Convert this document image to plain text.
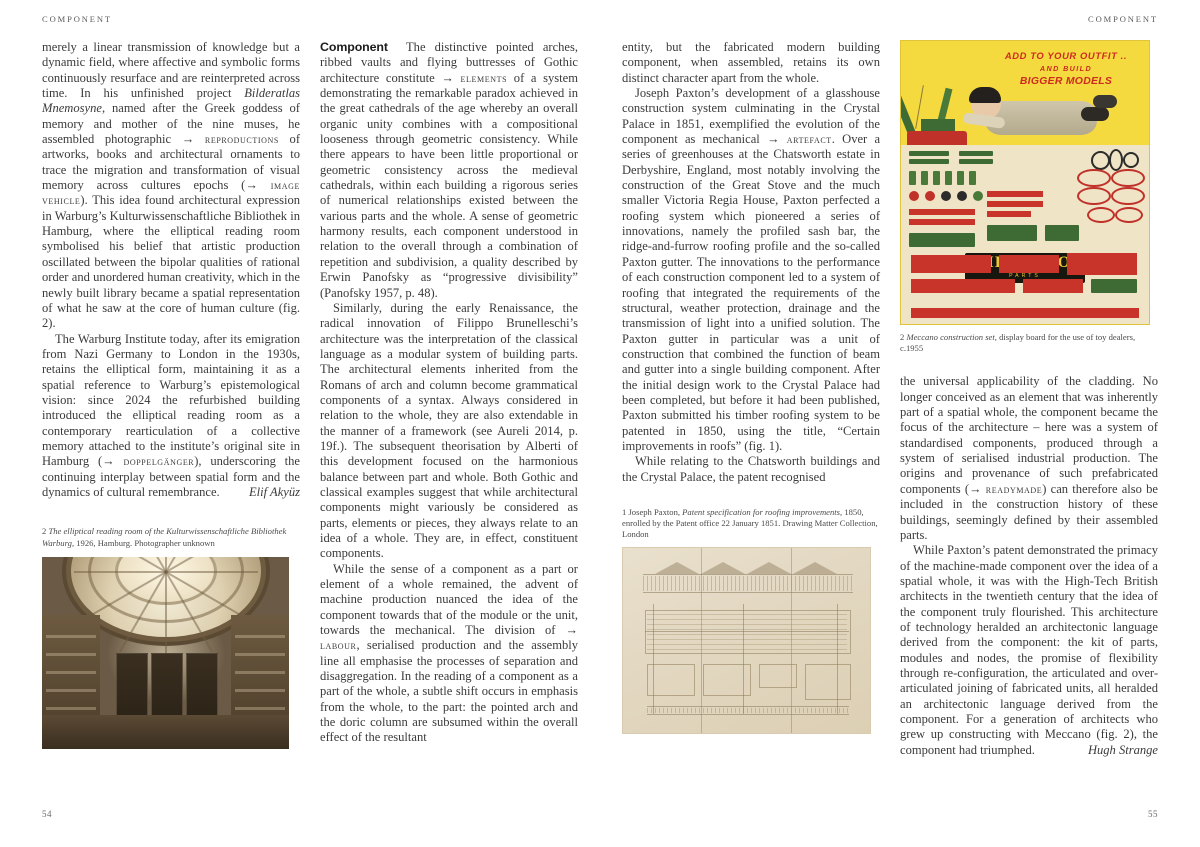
COMPONENT

merely a linear transmission of knowledge but a dynamic field, where affective and symbolic forms continuously resurface and are reinterpreted across time. In his unfinished project Bilderatlas Mnemosyne, named after the Greek goddess of memory and mother of the nine muses, he assembled photographic → reproductions of artworks, books and architectural ornaments to trace the migration and transformation of visual memory across cultures epochs (→ image vehicle). This idea found architectural expression in Warburg’s Kulturwissenschaftliche Bibliothek in Hamburg, where the elliptical reading room symbolised his belief that artistic production oscillated between the bipolar qualities of rational order and unordered human creativity, which in the newly built library became a spatial representation of what he saw at the core of human culture (fig. 2).

The Warburg Institute today, after its emigration from Nazi Germany to London in the 1930s, retains the elliptical form, maintaining it as a spatial reference to Warburg’s epistemological vision: since 2024 the refurbished building introduced the elliptical reading room as a contemporary rearticulation of a collective memory attached to the institute’s original site in Hamburg (→ doppelgänger), underscoring the continuing interplay between spatial form and the dynamics of cultural remembrance.	Elif Akyüz

2 The elliptical reading room of the Kulturwissenschaftliche Bibliothek Warburg, 1926, Hamburg. Photographer unknown

Component The distinctive pointed arches, ribbed vaults and flying buttresses of Gothic architecture constitute → elements of a system demonstrating the remarkable paradox achieved in the great cathedrals of the age whereby an overall organic unity combines with a compositional looseness through geometric consistency. While there appears to have been little proportional or geometric consistency across the medieval cathedrals, within each building a rigorous series of numerical relationships existed between the various parts and the whole. A sense of geometric harmony results, each component understood in relation to the overall through a combination of repetition and subdivision, a quality described by Erwin Panofsky as “progressive divisibility” (Panofsky 1957, p. 48).

Similarly, during the early Renaissance, the radical innovation of Filippo Brunelleschi’s architecture was the interpretation of the classical language as a modular system of building parts. The architectural elements inherited from the Romans of arch and column become grammatical components of a syntax. Always considered in relation to the whole, they are also extendable in the manner of a framework (see Aureli 2014, p. 19f.). The subsequent theorisation by Alberti of this development focused on the harmonious balance between part and whole. Both Gothic and classical examples suggest that while architectural components might variously be considered as parts, elements or pieces, they always relate to an idea of a whole. They are, in effect, constituent components.

While the sense of a component as a part or element of a whole remained, the advent of machine production nuanced the idea of the component towards that of the module or the unit, towards the mechanical. The division of → labour, serialised production and the assembly line all emphasise the processes of separation and disaggregation. In the reading of a component as a part of the whole, a subtle shift occurs in emphasis from the whole, to the part: the pointed arch and the doric column are subsumed within the overall effect of the resultant

54
COMPONENT

entity, but the fabricated modern building component, when assembled, retains its own distinct character apart from the whole.

Joseph Paxton’s development of a glasshouse construction system culminating in the Crystal Palace in 1851, exemplified the evolution of the component as mechanical → artefact. Over a series of greenhouses at the Chatsworth estate in Derbyshire, England, most notably involving the construction of the Great Stove and the much smaller Victoria Regia House, Paxton perfected a roofing system which pioneered a series of innovations, namely the profiled sash bar, the ridge-and-furrow roofing profile and the so-called Paxton gutter. The innovations to the performance of each construction component led to a system of roofing that integrated the requirements of the structural, weather protection, drainage and the transmission of light into a unified solution. The Paxton gutter in particular was a unit of construction that combined the function of beam and gutter into a single building component. After the initial design work to the Crystal Palace had been completed, but before it had been published, Paxton submitted his timber roofing system to be patented in 1850, using the title, “Certain improvements in roofs” (fig. 1).

While relating to the Chatsworth buildings and the Crystal Palace, the patent recognised

1 Joseph Paxton, Patent specification for roofing improvements, 1850, enrolled by the Patent office 22 January 1851. Drawing Matter Collection, London

ADD TO YOUR OUTFIT ..
AND BUILD
BIGGER MODELS
PARTS

2 Meccano construction set, display board for the use of toy dealers, c.1955

the universal applicability of the cladding. No longer conceived as an element that was inherently part of a spatial whole, the component became the focus of the architecture – here was a system of standardised components, produced through a system of serialised industrial production. The origins and provenance of such prefabricated components (→ readymade) can therefore also be included in the construction history of these buildings, seemingly defined by their assembled parts.

While Paxton’s patent demonstrated the primacy of the machine-made component over the idea of a spatial whole, it was with the High-Tech British architects in the twentieth century that the idea of the component truly flourished. This architecture of technology heralded an architectonic language derived from the component: the kit of parts, modules and nodes, the promise of flexibility through re-configuration, the articulated and over-articulated joining of fabricated units, all heralded an architectonic language derived from the component. For a generation of architects who grew up constructing with Meccano (fig. 2), the component had triumphed.	Hugh Strange

55
